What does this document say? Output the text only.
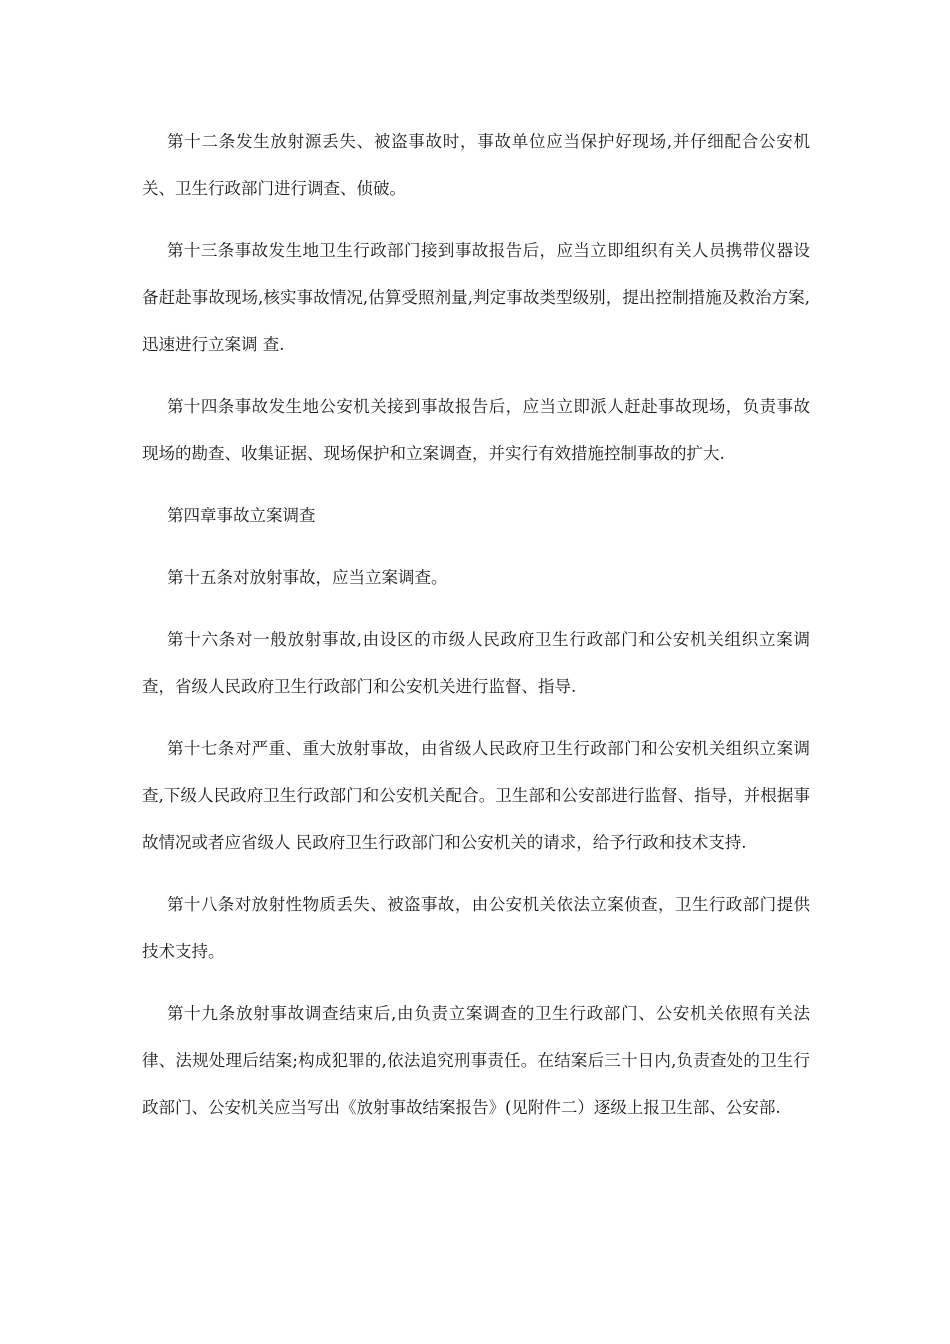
第十二条发生放射源丢失、被盗事故时，事故单位应当保护好现场,并仔细配合公安机关、卫生行政部门进行调查、侦破。

第十三条事故发生地卫生行政部门接到事故报告后，应当立即组织有关人员携带仪器设备赶赴事故现场,核实事故情况,估算受照剂量,判定事故类型级别，提出控制措施及救治方案,迅速进行立案调 查.

第十四条事故发生地公安机关接到事故报告后，应当立即派人赶赴事故现场，负责事故现场的勘查、收集证据、现场保护和立案调查，并实行有效措施控制事故的扩大.

第四章事故立案调查

第十五条对放射事故，应当立案调查。

第十六条对一般放射事故,由设区的市级人民政府卫生行政部门和公安机关组织立案调查，省级人民政府卫生行政部门和公安机关进行监督、指导.

第十七条对严重、重大放射事故，由省级人民政府卫生行政部门和公安机关组织立案调查,下级人民政府卫生行政部门和公安机关配合。卫生部和公安部进行监督、指导，并根据事故情况或者应省级人 民政府卫生行政部门和公安机关的请求，给予行政和技术支持.

第十八条对放射性物质丢失、被盗事故，由公安机关依法立案侦查，卫生行政部门提供技术支持。

第十九条放射事故调查结束后,由负责立案调查的卫生行政部门、公安机关依照有关法律、法规处理后结案;构成犯罪的,依法追究刑事责任。在结案后三十日内,负责查处的卫生行政部门、公安机关应当写出《放射事故结案报告》(见附件二）逐级上报卫生部、公安部.
